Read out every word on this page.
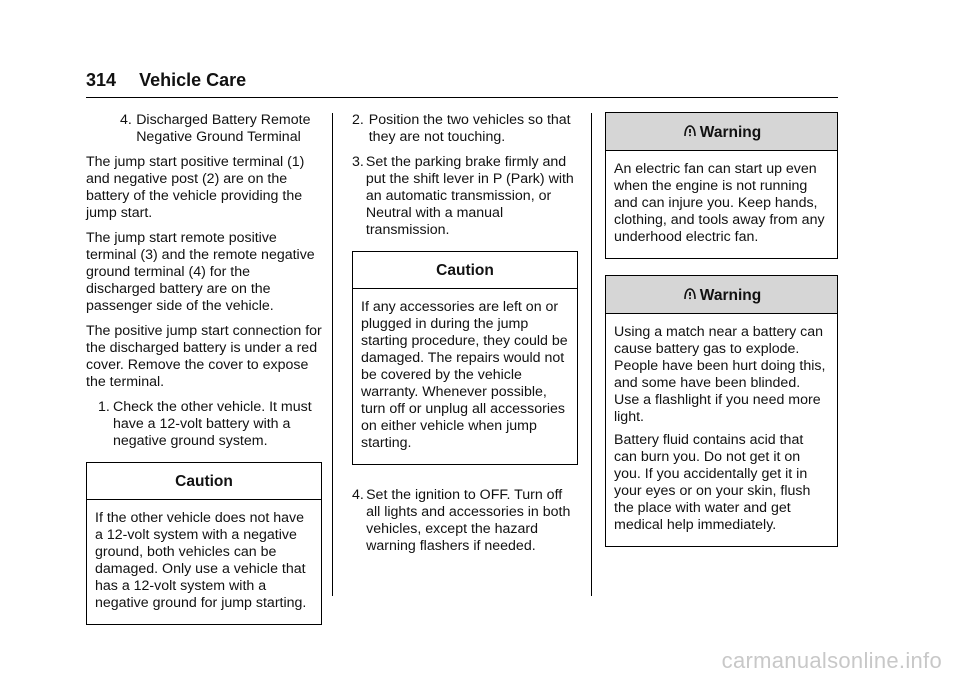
314 Vehicle Care
4. Discharged Battery Remote Negative Ground Terminal

The jump start positive terminal (1) and negative post (2) are on the battery of the vehicle providing the jump start.

The jump start remote positive terminal (3) and the remote negative ground terminal (4) for the discharged battery are on the passenger side of the vehicle.

The positive jump start connection for the discharged battery is under a red cover. Remove the cover to expose the terminal.

1. Check the other vehicle. It must have a 12-volt battery with a negative ground system.
Caution

If the other vehicle does not have a 12-volt system with a negative ground, both vehicles can be damaged. Only use a vehicle that has a 12-volt system with a negative ground for jump starting.

2. Position the two vehicles so that they are not touching.
3. Set the parking brake firmly and put the shift lever in P (Park) with an automatic transmission, or Neutral with a manual transmission.
Caution

If any accessories are left on or plugged in during the jump starting procedure, they could be damaged. The repairs would not be covered by the vehicle warranty. Whenever possible, turn off or unplug all accessories on either vehicle when jump starting.

4. Set the ignition to OFF. Turn off all lights and accessories in both vehicles, except the hazard warning flashers if needed.
Warning

An electric fan can start up even when the engine is not running and can injure you. Keep hands, clothing, and tools away from any underhood electric fan.

Warning

Using a match near a battery can cause battery gas to explode. People have been hurt doing this, and some have been blinded. Use a flashlight if you need more light.

Battery fluid contains acid that can burn you. Do not get it on you. If you accidentally get it in your eyes or on your skin, flush the place with water and get medical help immediately.

carmanualsonline.info
